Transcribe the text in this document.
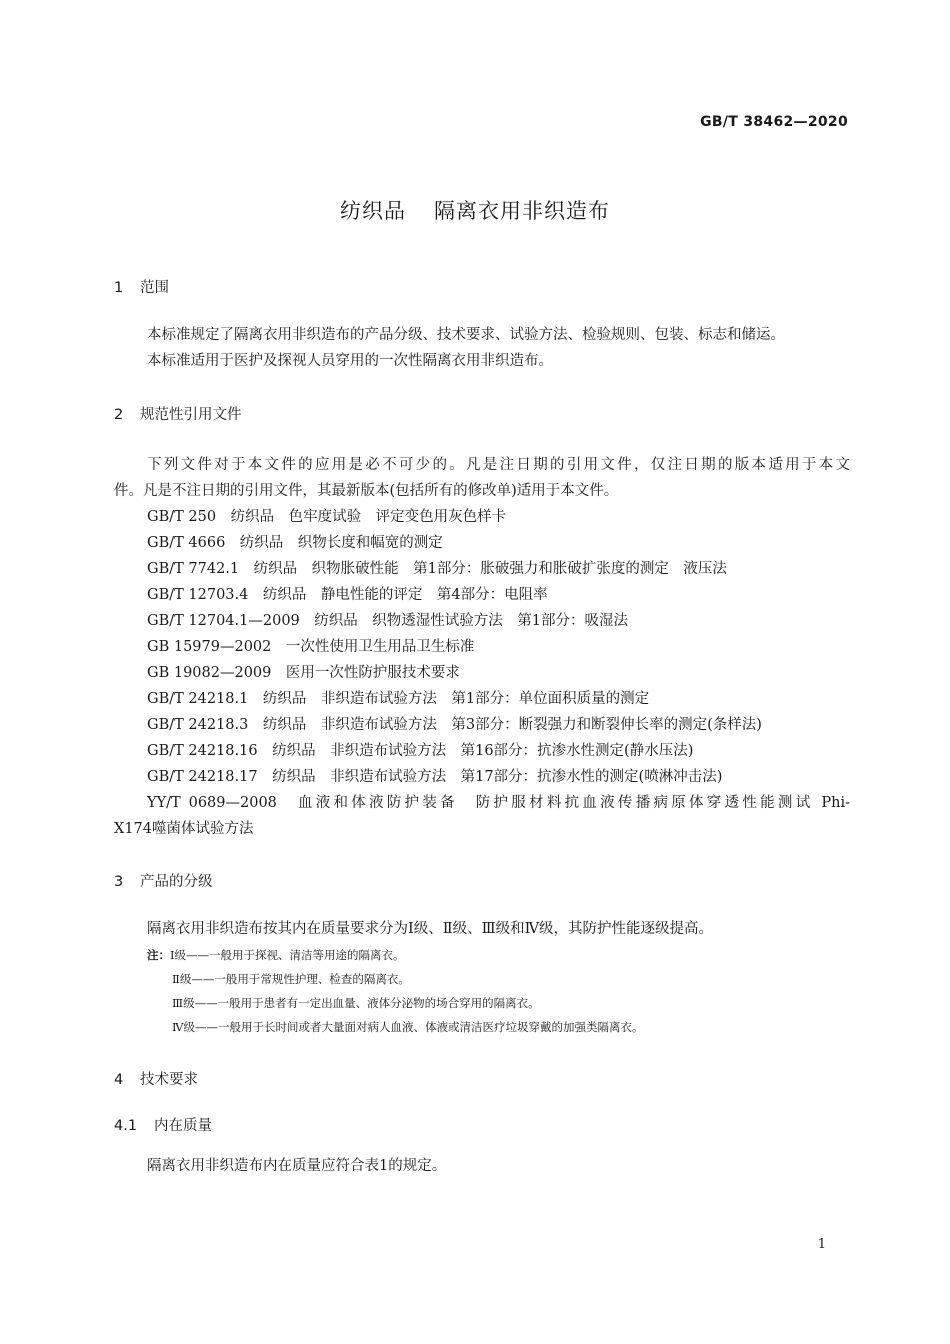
GB/T 38462—2020
纺织品 隔离衣用非织造布
1 范围
本标准规定了隔离衣用非织造布的产品分级、技术要求、试验方法、检验规则、包装、标志和储运。
本标准适用于医护及探视人员穿用的一次性隔离衣用非织造布。
2 规范性引用文件
下列文件对于本文件的应用是必不可少的。凡是注日期的引用文件，仅注日期的版本适用于本文
件。凡是不注日期的引用文件，其最新版本(包括所有的修改单)适用于本文件。
GB/T 250　纺织品　色牢度试验　评定变色用灰色样卡
GB/T 4666　纺织品　织物长度和幅宽的测定
GB/T 7742.1　纺织品　织物胀破性能　第1部分：胀破强力和胀破扩张度的测定　液压法
GB/T 12703.4　纺织品　静电性能的评定　第4部分：电阻率
GB/T 12704.1—2009　纺织品　织物透湿性试验方法　第1部分：吸湿法
GB 15979—2002　一次性使用卫生用品卫生标准
GB 19082—2009　医用一次性防护服技术要求
GB/T 24218.1　纺织品　非织造布试验方法　第1部分：单位面积质量的测定
GB/T 24218.3　纺织品　非织造布试验方法　第3部分：断裂强力和断裂伸长率的测定(条样法)
GB/T 24218.16　纺织品　非织造布试验方法　第16部分：抗渗水性测定(静水压法)
GB/T 24218.17　纺织品　非织造布试验方法　第17部分：抗渗水性的测定(喷淋冲击法)
YY/T 0689—2008　血液和体液防护装备　防护服材料抗血液传播病原体穿透性能测试 Phi-
X174噬菌体试验方法
3 产品的分级
隔离衣用非织造布按其内在质量要求分为Ⅰ级、Ⅱ级、Ⅲ级和Ⅳ级，其防护性能逐级提高。
注：Ⅰ级——一般用于探视、清洁等用途的隔离衣。
Ⅱ级——一般用于常规性护理、检查的隔离衣。
Ⅲ级——一般用于患者有一定出血量、液体分泌物的场合穿用的隔离衣。
Ⅳ级——一般用于长时间或者大量面对病人血液、体液或清洁医疗垃圾穿戴的加强类隔离衣。
4 技术要求
4.1 内在质量
隔离衣用非织造布内在质量应符合表1的规定。
1
